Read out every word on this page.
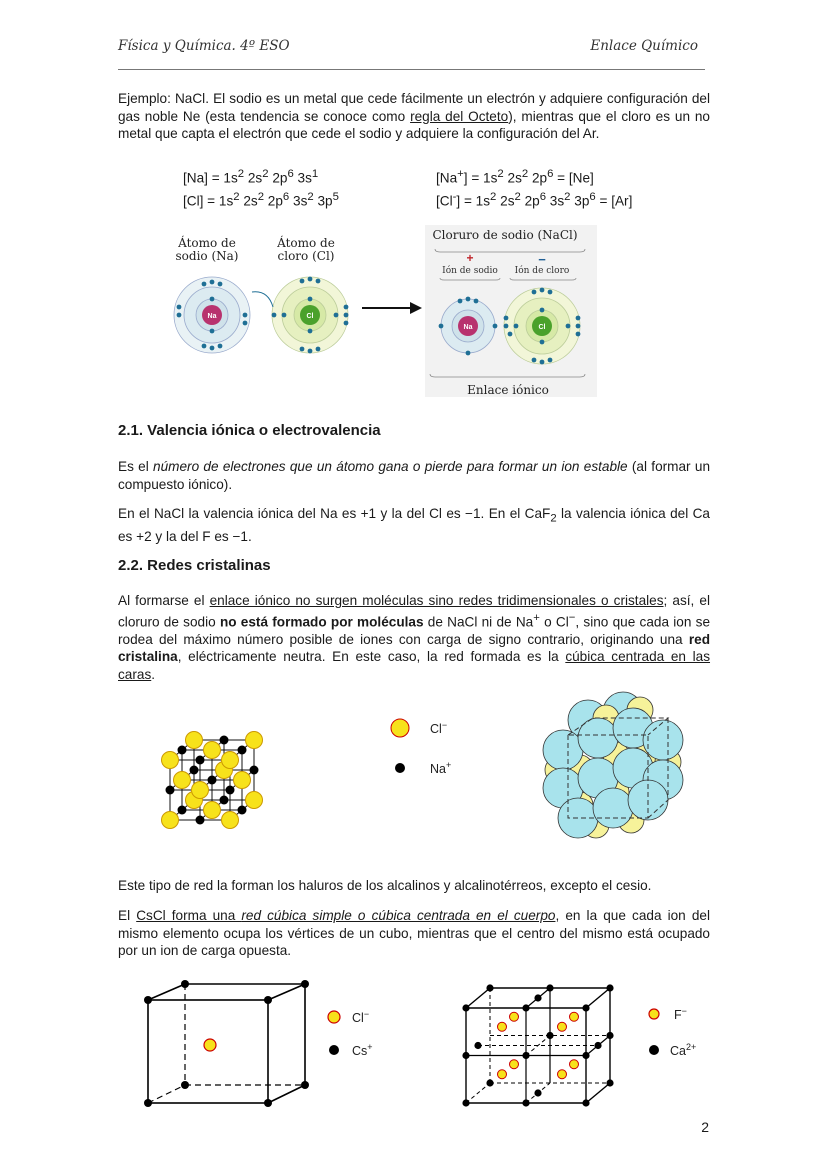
Física y Química. 4º ESO	Enlace Químico

Ejemplo: NaCl. El sodio es un metal que cede fácilmente un electrón y adquiere configuración del gas noble Ne (esta tendencia se conoce como regla del Octeto), mientras que el cloro es un no metal que capta el electrón que cede el sodio y adquiere la configuración del Ar.

$[Na] = 1s^2$ $2s^2$ $2p^6$ $3s^1$
$[Cl] = 1s^2$ $2s^2$ $2p^6$ $3s^2$ $3p^5$
$[Na^+] = 1s^2$ $2s^2$ $2p^6 = [Ne]$
$[Cl^-] = 1s^2$ $2s^2$ $2p^6$ $3s^2$ $3p^6 = [Ar]$
Átomo de
sodio (Na)
Átomo de
cloro (Cl)
Cloruro de sodio (NaCl)
+	−
Ión de sodio Ión de cloro
Na	Cl
Na	Cl
Enlace iónico
2.1. Valencia iónica o electrovalencia

Es el número de electrones que un átomo gana o pierde para formar un ion estable (al formar un compuesto iónico).

En el NaCl la valencia iónica del Na es +1 y la del Cl es −1. En el CaF$_2$ la valencia iónica del Ca es +2 y la del F es −1.

2.2. Redes cristalinas

Al formarse el enlace iónico no surgen moléculas sino redes tridimensionales o cristales; así, el cloruro de sodio no está formado por moléculas de NaCl ni de Na+ o Cl−, sino que cada ion se rodea del máximo número posible de iones con carga de signo contrario, originando una red cristalina, eléctricamente neutra. En este caso, la red formada es la cúbica centrada en las caras.

Cl−
Na+

Este tipo de red la forman los haluros de los alcalinos y alcalinotérreos, excepto el cesio.

El CsCl forma una red cúbica simple o cúbica centrada en el cuerpo, en la que cada ion del mismo elemento ocupa los vértices de un cubo, mientras que el centro del mismo está ocupado por un ion de carga opuesta.

Cl−
Cs+
F−
$Ca^{2+}$
2
